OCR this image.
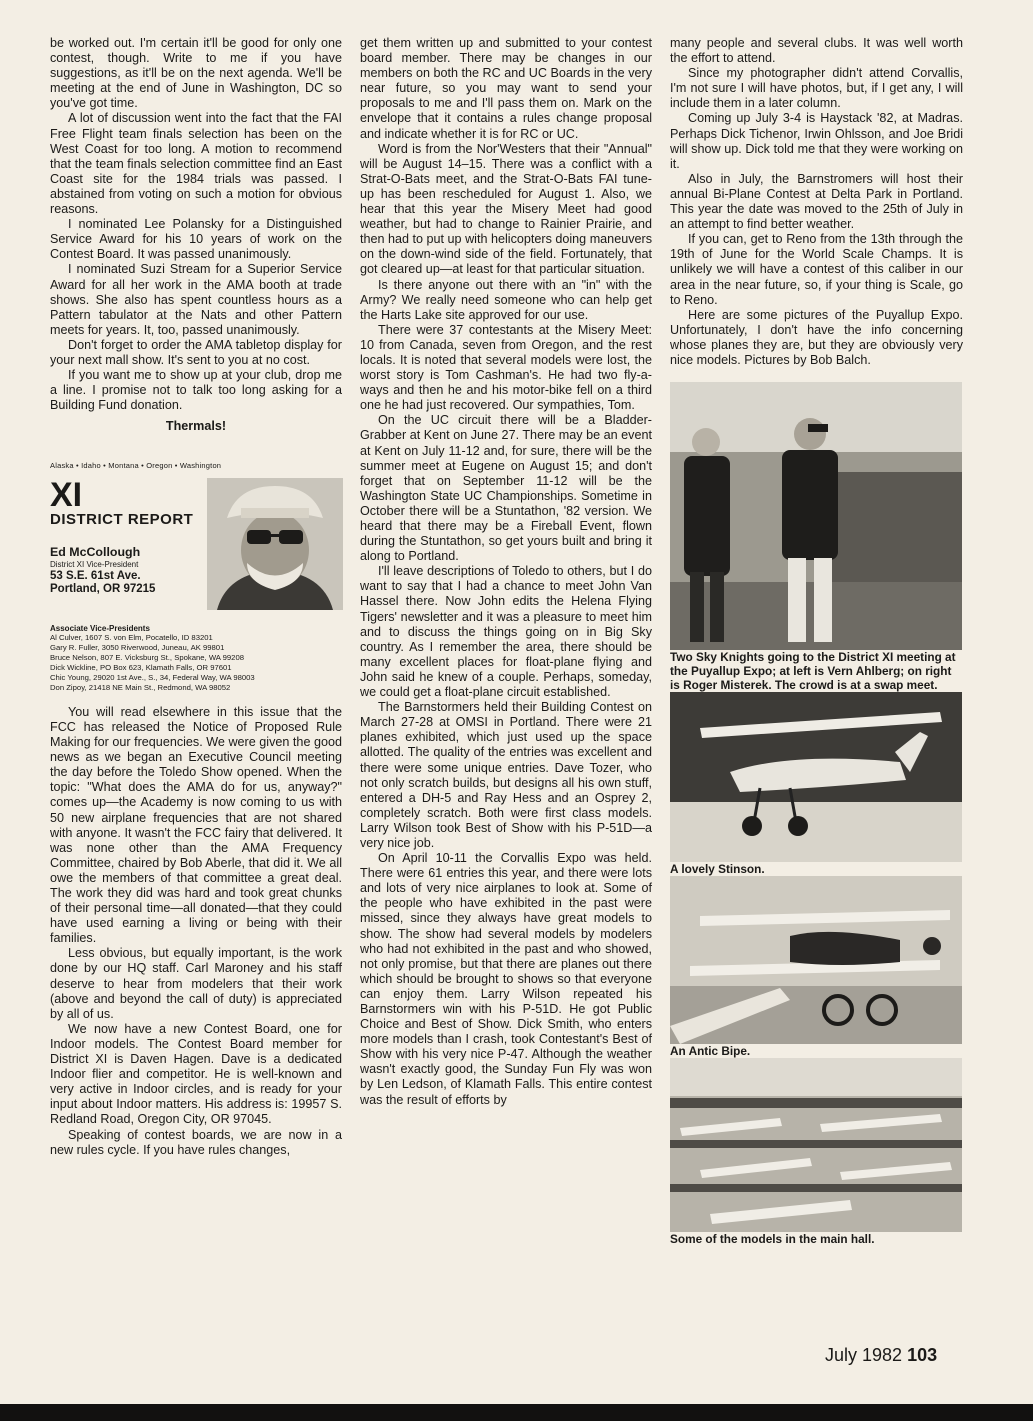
be worked out. I'm certain it'll be good for only one contest, though. Write to me if you have suggestions, as it'll be on the next agenda. We'll be meeting at the end of June in Washington, DC so you've got time.

A lot of discussion went into the fact that the FAI Free Flight team finals selection has been on the West Coast for too long. A motion to recommend that the team finals selection committee find an East Coast site for the 1984 trials was passed. I abstained from voting on such a motion for obvious reasons.

I nominated Lee Polansky for a Distinguished Service Award for his 10 years of work on the Contest Board. It was passed unanimously.

I nominated Suzi Stream for a Superior Service Award for all her work in the AMA booth at trade shows. She also has spent countless hours as a Pattern tabulator at the Nats and other Pattern meets for years. It, too, passed unanimously.

Don't forget to order the AMA tabletop display for your next mall show. It's sent to you at no cost.

If you want me to show up at your club, drop me a line. I promise not to talk too long asking for a Building Fund donation.

Thermals!

Alaska • Idaho • Montana • Oregon • Washington
XI
DISTRICT REPORT
Ed McCollough
District XI Vice-President
53 S.E. 61st Ave.
Portland, OR 97215
Associate Vice-Presidents
Al Culver, 1607 S. von Elm, Pocatello, ID 83201
Gary R. Fuller, 3050 Riverwood, Juneau, AK 99801
Bruce Nelson, 807 E. Vicksburg St., Spokane, WA 99208
Dick Wickline, PO Box 623, Klamath Falls, OR 97601
Chic Young, 29020 1st Ave., S., 34, Federal Way, WA 98003
Don Zipoy, 21418 NE Main St., Redmond, WA 98052

You will read elsewhere in this issue that the FCC has released the Notice of Proposed Rule Making for our frequencies. We were given the good news as we began an Executive Council meeting the day before the Toledo Show opened. When the topic: "What does the AMA do for us, anyway?" comes up—the Academy is now coming to us with 50 new airplane frequencies that are not shared with anyone. It wasn't the FCC fairy that delivered. It was none other than the AMA Frequency Committee, chaired by Bob Aberle, that did it. We all owe the members of that committee a great deal. The work they did was hard and took great chunks of their personal time—all donated—that they could have used earning a living or being with their families.

Less obvious, but equally important, is the work done by our HQ staff. Carl Maroney and his staff deserve to hear from modelers that their work (above and beyond the call of duty) is appreciated by all of us.

We now have a new Contest Board, one for Indoor models. The Contest Board member for District XI is Daven Hagen. Dave is a dedicated Indoor flier and competitor. He is well-known and very active in Indoor circles, and is ready for your input about Indoor matters. His address is: 19957 S. Redland Road, Oregon City, OR 97045.

Speaking of contest boards, we are now in a new rules cycle. If you have rules changes,

get them written up and submitted to your contest board member. There may be changes in our members on both the RC and UC Boards in the very near future, so you may want to send your proposals to me and I'll pass them on. Mark on the envelope that it contains a rules change proposal and indicate whether it is for RC or UC.

Word is from the Nor'Westers that their "Annual" will be August 14–15. There was a conflict with a Strat-O-Bats meet, and the Strat-O-Bats FAI tune-up has been rescheduled for August 1. Also, we hear that this year the Misery Meet had good weather, but had to change to Rainier Prairie, and then had to put up with helicopters doing maneuvers on the down-wind side of the field. Fortunately, that got cleared up—at least for that particular situation.

Is there anyone out there with an "in" with the Army? We really need someone who can help get the Harts Lake site approved for our use.

There were 37 contestants at the Misery Meet: 10 from Canada, seven from Oregon, and the rest locals. It is noted that several models were lost, the worst story is Tom Cashman's. He had two fly-a-ways and then he and his motor-bike fell on a third one he had just recovered. Our sympathies, Tom.

On the UC circuit there will be a Bladder-Grabber at Kent on June 27. There may be an event at Kent on July 11-12 and, for sure, there will be the summer meet at Eugene on August 15; and don't forget that on September 11-12 will be the Washington State UC Championships. Sometime in October there will be a Stuntathon, '82 version. We heard that there may be a Fireball Event, flown during the Stuntathon, so get yours built and bring it along to Portland.

I'll leave descriptions of Toledo to others, but I do want to say that I had a chance to meet John Van Hassel there. Now John edits the Helena Flying Tigers' newsletter and it was a pleasure to meet him and to discuss the things going on in Big Sky country. As I remember the area, there should be many excellent places for float-plane flying and John said he knew of a couple. Perhaps, someday, we could get a float-plane circuit established.

The Barnstormers held their Building Contest on March 27-28 at OMSI in Portland. There were 21 planes exhibited, which just used up the space allotted. The quality of the entries was excellent and there were some unique entries. Dave Tozer, who not only scratch builds, but designs all his own stuff, entered a DH-5 and Ray Hess and an Osprey 2, completely scratch. Both were first class models. Larry Wilson took Best of Show with his P-51D—a very nice job.

On April 10-11 the Corvallis Expo was held. There were 61 entries this year, and there were lots and lots of very nice airplanes to look at. Some of the people who have exhibited in the past were missed, since they always have great models to show. The show had several models by modelers who had not exhibited in the past and who showed, not only promise, but that there are planes out there which should be brought to shows so that everyone can enjoy them. Larry Wilson repeated his Barnstormers win with his P-51D. He got Public Choice and Best of Show. Dick Smith, who enters more models than I crash, took Contestant's Best of Show with his very nice P-47. Although the weather wasn't exactly good, the Sunday Fun Fly was won by Len Ledson, of Klamath Falls. This entire contest was the result of efforts by

many people and several clubs. It was well worth the effort to attend.

Since my photographer didn't attend Corvallis, I'm not sure I will have photos, but, if I get any, I will include them in a later column.

Coming up July 3-4 is Haystack '82, at Madras. Perhaps Dick Tichenor, Irwin Ohlsson, and Joe Bridi will show up. Dick told me that they were working on it.

Also in July, the Barnstromers will host their annual Bi-Plane Contest at Delta Park in Portland. This year the date was moved to the 25th of July in an attempt to find better weather.

If you can, get to Reno from the 13th through the 19th of June for the World Scale Champs. It is unlikely we will have a contest of this caliber in our area in the near future, so, if your thing is Scale, go to Reno.

Here are some pictures of the Puyallup Expo. Unfortunately, I don't have the info concerning whose planes they are, but they are obviously very nice models. Pictures by Bob Balch.

Two Sky Knights going to the District XI meeting at the Puyallup Expo; at left is Vern Ahlberg; on right is Roger Misterek. The crowd is at a swap meet.

A lovely Stinson.

An Antic Bipe.

Some of the models in the main hall.

July 1982 103
